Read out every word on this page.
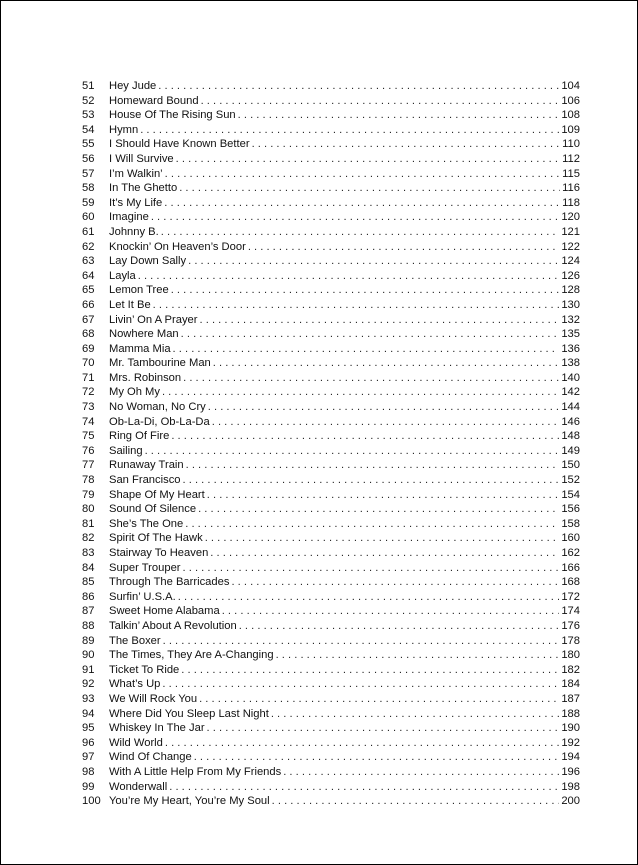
51	Hey Jude . . .	104
52	Homeward Bound . . .	106
53	House Of The Rising Sun . . .	108
54	Hymn . . .	109
55	I Should Have Known Better . . .	110
56	I Will Survive . . .	112
57	I’m Walkin’ . . .	115
58	In The Ghetto . . .	116
59	It’s My Life . . .	118
60	Imagine . . .	120
61	Johnny B. . . .	121
62	Knockin’ On Heaven’s Door . . .	122
63	Lay Down Sally . . .	124
64	Layla . . .	126
65	Lemon Tree . . .	128
66	Let It Be . . .	130
67	Livin’ On A Prayer . . .	132
68	Nowhere Man . . .	135
69	Mamma Mia . . .	136
70	Mr. Tambourine Man . . .	138
71	Mrs. Robinson . . .	140
72	My Oh My . . .	142
73	No Woman, No Cry . . .	144
74	Ob-La-Di, Ob-La-Da . . .	146
75	Ring Of Fire . . .	148
76	Sailing . . .	149
77	Runaway Train . . .	150
78	San Francisco . . .	152
79	Shape Of My Heart . . .	154
80	Sound Of Silence . . .	156
81	She’s The One . . .	158
82	Spirit Of The Hawk . . .	160
83	Stairway To Heaven . . .	162
84	Super Trouper . . .	166
85	Through The Barricades . . .	168
86	Surfin’ U.S.A. . . .	172
87	Sweet Home Alabama . . .	174
88	Talkin’ About A Revolution . . .	176
89	The Boxer . . .	178
90	The Times, They Are A-Changing . . .	180
91	Ticket To Ride . . .	182
92	What’s Up . . .	184
93	We Will Rock You . . .	187
94	Where Did You Sleep Last Night . . .	188
95	Whiskey In The Jar . . .	190
96	Wild World . . .	192
97	Wind Of Change . . .	194
98	With A Little Help From My Friends . . .	196
99	Wonderwall . . .	198
100 You’re My Heart, You’re My Soul . . .	200
